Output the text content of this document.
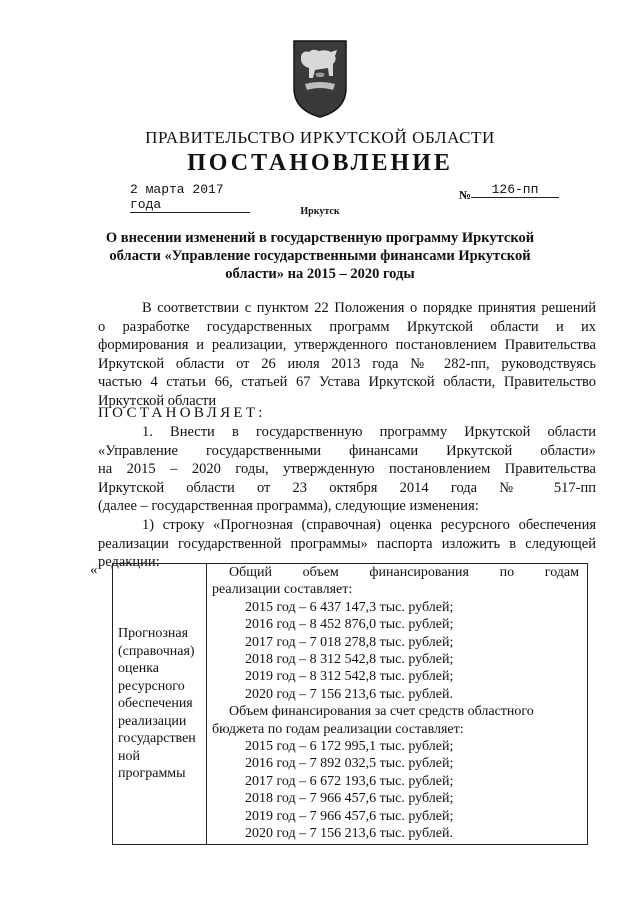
ПРАВИТЕЛЬСТВО ИРКУТСКОЙ ОБЛАСТИ
ПОСТАНОВЛЕНИЕ
2 марта 2017 года
№	126-пп
Иркутск
О внесении изменений в государственную программу Иркутской
области «Управление государственными финансами Иркутской
области» на 2015 – 2020 годы
В соответствии с пунктом 22 Положения о порядке принятия решений
о разработке государственных программ Иркутской области и их
формирования и реализации, утвержденного постановлением Правительства
Иркутской области от 26 июля 2013 года № 282-пп, руководствуясь
частью 4 статьи 66, статьей 67 Устава Иркутской области, Правительство
Иркутской области
ПОСТАНОВЛЯЕТ:
1. Внести в государственную программу Иркутской области
«Управление государственными финансами Иркутской области»
на 2015 – 2020 годы, утвержденную постановлением Правительства
Иркутской области от 23 октября 2014 года № 517-пп
(далее – государственная программа), следующие изменения:
1) строку «Прогнозная (справочная) оценка ресурсного обеспечения
реализации государственной программы» паспорта изложить в следующей
редакции:
«
Прогнозная
(справочная)
оценка
ресурсного
обеспечения
реализации
государствен
ной
программы

Общий объем финансирования по годам
реализации составляет:
2015 год – 6 437 147,3 тыс. рублей;
2016 год – 8 452 876,0 тыс. рублей;
2017 год – 7 018 278,8 тыс. рублей;
2018 год – 8 312 542,8 тыс. рублей;
2019 год – 8 312 542,8 тыс. рублей;
2020 год – 7 156 213,6 тыс. рублей.
Объем финансирования за счет средств областного
бюджета по годам реализации составляет:
2015 год – 6 172 995,1 тыс. рублей;
2016 год – 7 892 032,5 тыс. рублей;
2017 год – 6 672 193,6 тыс. рублей;
2018 год – 7 966 457,6 тыс. рублей;
2019 год – 7 966 457,6 тыс. рублей;
2020 год – 7 156 213,6 тыс. рублей.
